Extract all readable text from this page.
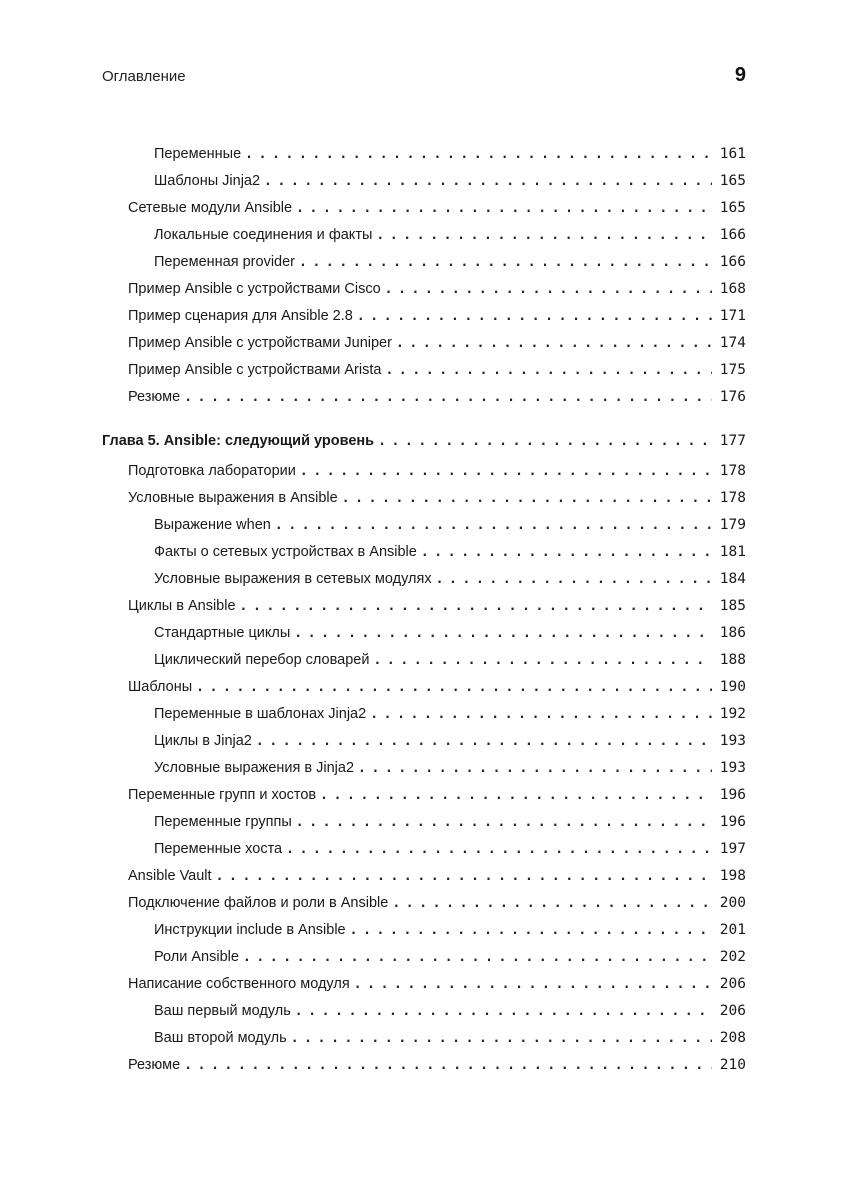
Оглавление	9
Переменные . . .	161
Шаблоны Jinja2 . . .	165
Сетевые модули Ansible . . .	165
Локальные соединения и факты . . .	166
Переменная provider . . .	166
Пример Ansible с устройствами Cisco . . .	168
Пример сценария для Ansible 2.8 . . .	171
Пример Ansible с устройствами Juniper . . .	174
Пример Ansible с устройствами Arista . . .	175
Резюме . . .	176
Глава 5. Ansible: следующий уровень . . .	177
Подготовка лаборатории . . .	178
Условные выражения в Ansible . . .	178
Выражение when . . .	179
Факты о сетевых устройствах в Ansible . . .	181
Условные выражения в сетевых модулях . . .	184
Циклы в Ansible . . .	185
Стандартные циклы . . .	186
Циклический перебор словарей . . .	188
Шаблоны . . .	190
Переменные в шаблонах Jinja2 . . .	192
Циклы в Jinja2 . . .	193
Условные выражения в Jinja2 . . .	193
Переменные групп и хостов . . .	196
Переменные группы . . .	196
Переменные хоста . . .	197
Ansible Vault . . .	198
Подключение файлов и роли в Ansible . . .	200
Инструкции include в Ansible . . .	201
Роли Ansible . . .	202
Написание собственного модуля . . .	206
Ваш первый модуль . . .	206
Ваш второй модуль . . .	208
Резюме . . .	210
